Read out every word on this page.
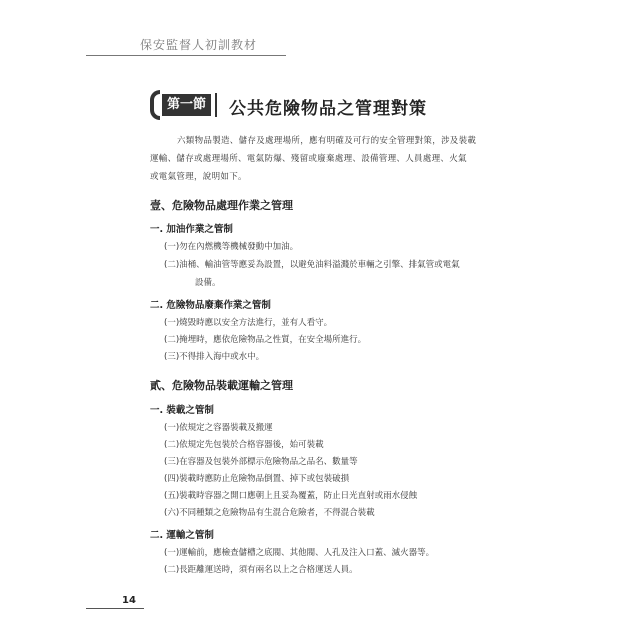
保安監督人初訓教材
第一節 公共危險物品之管理對策

六類物品製造、儲存及處理場所，應有明確及可行的安全管理對策，涉及裝載

運輸、儲存或處理場所、電氣防爆、殘留或廢棄處理、設備管理、人員處理、火氣

或電氣管理，說明如下。

壹、危險物品處理作業之管理
一. 加油作業之管制

(一)勿在內燃機等機械發動中加油。

(二)油桶、輸油管等應妥為設置，以避免油料溢濺於車輛之引擎、排氣管或電氣

設備。

二. 危險物品廢棄作業之管制

(一)燒毀時應以安全方法進行，並有人看守。

(二)掩埋時，應依危險物品之性質，在安全場所進行。

(三)不得排入海中或水中。

貳、危險物品裝載運輸之管理
一. 裝載之管制

(一)依規定之容器裝載及搬運

(二)依規定先包裝於合格容器後，始可裝載

(三)在容器及包裝外部標示危險物品之品名、數量等

(四)裝載時應防止危險物品倒置、掉下或包裝破損

(五)裝載時容器之開口應朝上且妥為覆蓋，防止日光直射或雨水侵蝕

(六)不同種類之危險物品有生混合危險者，不得混合裝載

二. 運輸之管制

(一)運輸前，應檢查儲槽之底閥、其他閥、人孔及注入口蓋、滅火器等。

(二)長距離運送時，須有兩名以上之合格運送人員。

14
